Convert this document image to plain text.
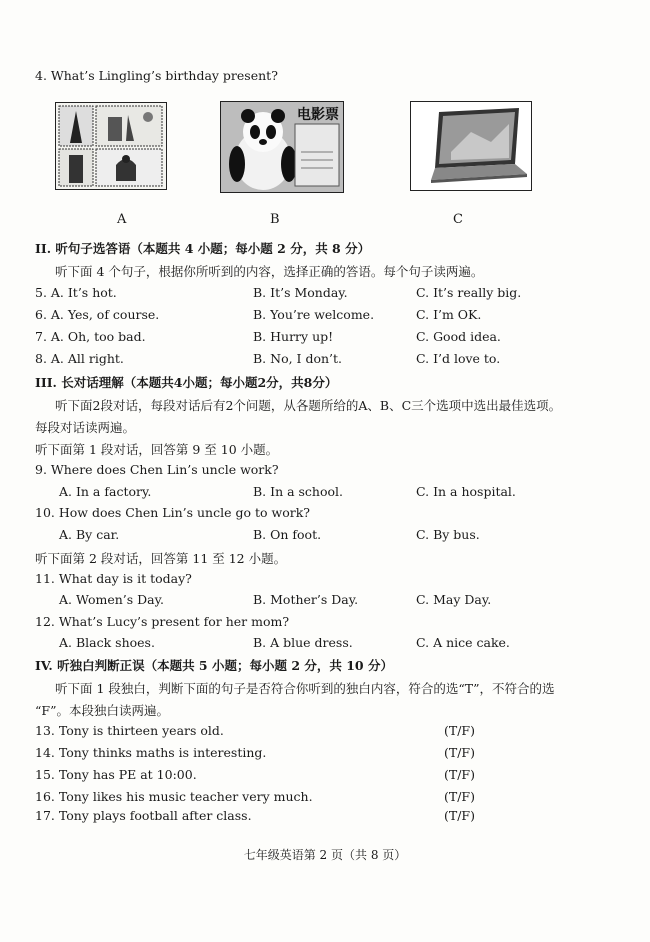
4. What’s Lingling’s birthday present?
电影票
A	B	C
II. 听句子选答语（本题共 4 小题；每小题 2 分，共 8 分）
听下面 4 个句子，根据你所听到的内容，选择正确的答语。每个句子读两遍。
5. A. It’s hot.	B. It’s Monday.	C. It’s really big.
6. A. Yes, of course.	B. You’re welcome.	C. I’m OK.
7. A. Oh, too bad.	B. Hurry up!	C. Good idea.
8. A. All right.	B. No, I don’t.	C. I’d love to.
III. 长对话理解（本题共4小题；每小题2分，共8分）
听下面2段对话，每段对话后有2个问题，从各题所给的A、B、C三个选项中选出最佳选项。
每段对话读两遍。
听下面第 1 段对话，回答第 9 至 10 小题。
9. Where does Chen Lin’s uncle work?
A. In a factory.	B. In a school.	C. In a hospital.
10. How does Chen Lin’s uncle go to work?
A. By car.	B. On foot.	C. By bus.
听下面第 2 段对话，回答第 11 至 12 小题。
11. What day is it today?
A. Women’s Day.	B. Mother’s Day.	C. May Day.
12. What’s Lucy’s present for her mom?
A. Black shoes.	B. A blue dress.	C. A nice cake.
IV. 听独白判断正误（本题共 5 小题；每小题 2 分，共 10 分）
听下面 1 段独白，判断下面的句子是否符合你听到的独白内容，符合的选“T”，不符合的选
“F”。本段独白读两遍。
13. Tony is thirteen years old.	(T/F)
14. Tony thinks maths is interesting.	(T/F)
15. Tony has PE at 10:00.	(T/F)
16. Tony likes his music teacher very much.	(T/F)
17. Tony plays football after class.	(T/F)
七年级英语第 2 页（共 8 页）
